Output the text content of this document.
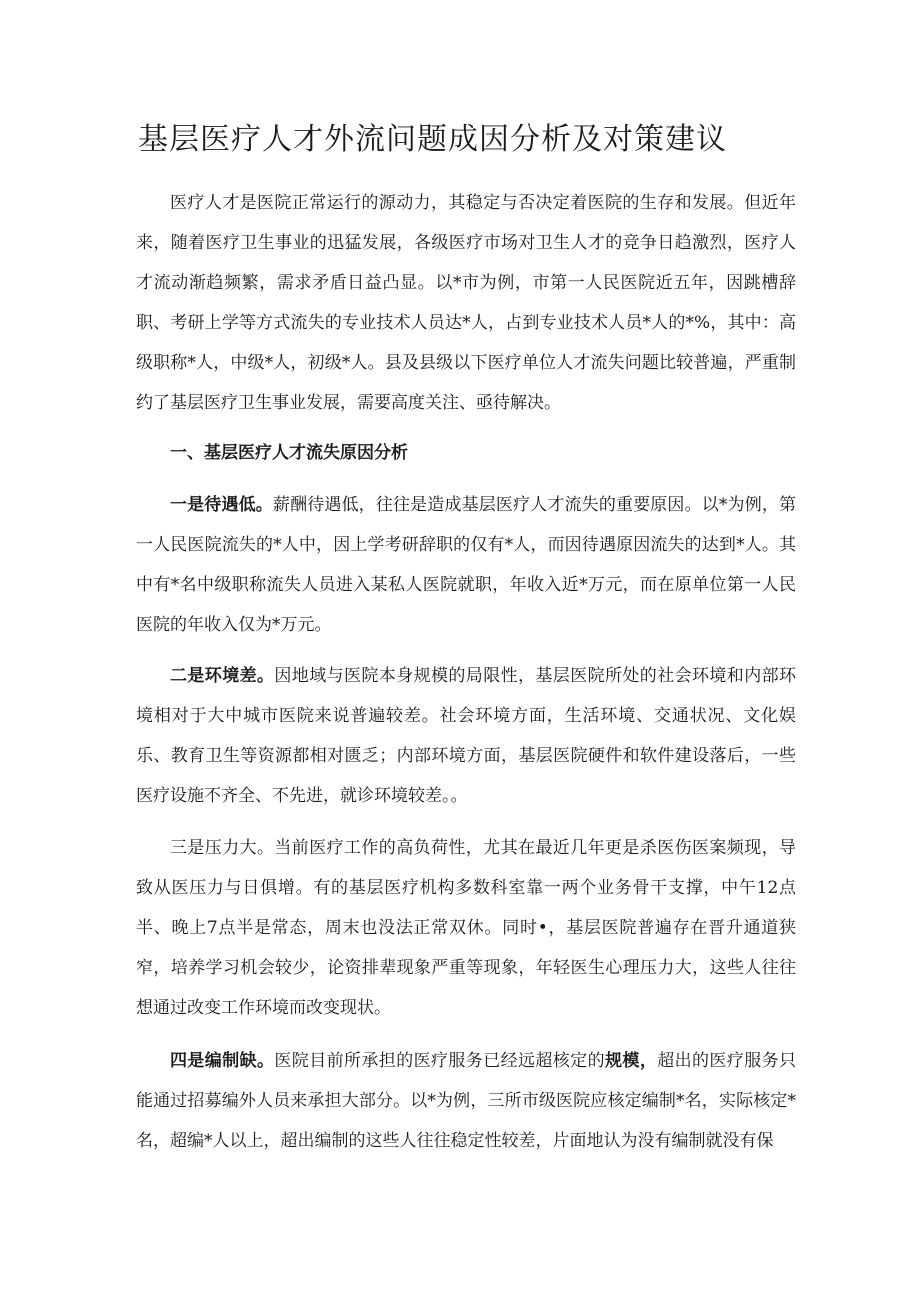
基层医疗人才外流问题成因分析及对策建议

医疗人才是医院正常运行的源动力，其稳定与否决定着医院的生存和发展。但近年来，随着医疗卫生事业的迅猛发展，各级医疗市场对卫生人才的竞争日趋激烈，医疗人才流动渐趋频繁，需求矛盾日益凸显。以*市为例，市第一人民医院近五年，因跳槽辞职、考研上学等方式流失的专业技术人员达*人，占到专业技术人员*人的*%，其中：高级职称*人，中级*人，初级*人。县及县级以下医疗单位人才流失问题比较普遍，严重制约了基层医疗卫生事业发展，需要高度关注、亟待解决。

一、基层医疗人才流失原因分析

一是待遇低。薪酬待遇低，往往是造成基层医疗人才流失的重要原因。以*为例，第一人民医院流失的*人中，因上学考研辞职的仅有*人，而因待遇原因流失的达到*人。其中有*名中级职称流失人员进入某私人医院就职，年收入近*万元，而在原单位第一人民医院的年收入仅为*万元。

二是环境差。因地域与医院本身规模的局限性，基层医院所处的社会环境和内部环境相对于大中城市医院来说普遍较差。社会环境方面，生活环境、交通状况、文化娱乐、教育卫生等资源都相对匮乏；内部环境方面，基层医院硬件和软件建设落后，一些医疗设施不齐全、不先进，就诊环境较差。。

三是压力大。当前医疗工作的高负荷性，尤其在最近几年更是杀医伤医案频现，导致从医压力与日俱增。有的基层医疗机构多数科室靠一两个业务骨干支撑，中午12点半、晚上7点半是常态，周末也没法正常双休。同时•，基层医院普遍存在晋升通道狭窄，培养学习机会较少，论资排辈现象严重等现象，年轻医生心理压力大，这些人往往想通过改变工作环境而改变现状。

四是编制缺。医院目前所承担的医疗服务已经远超核定的规模，超出的医疗服务只能通过招募编外人员来承担大部分。以*为例，三所市级医院应核定编制*名，实际核定*名，超编*人以上，超出编制的这些人往往稳定性较差，片面地认为没有编制就没有保
